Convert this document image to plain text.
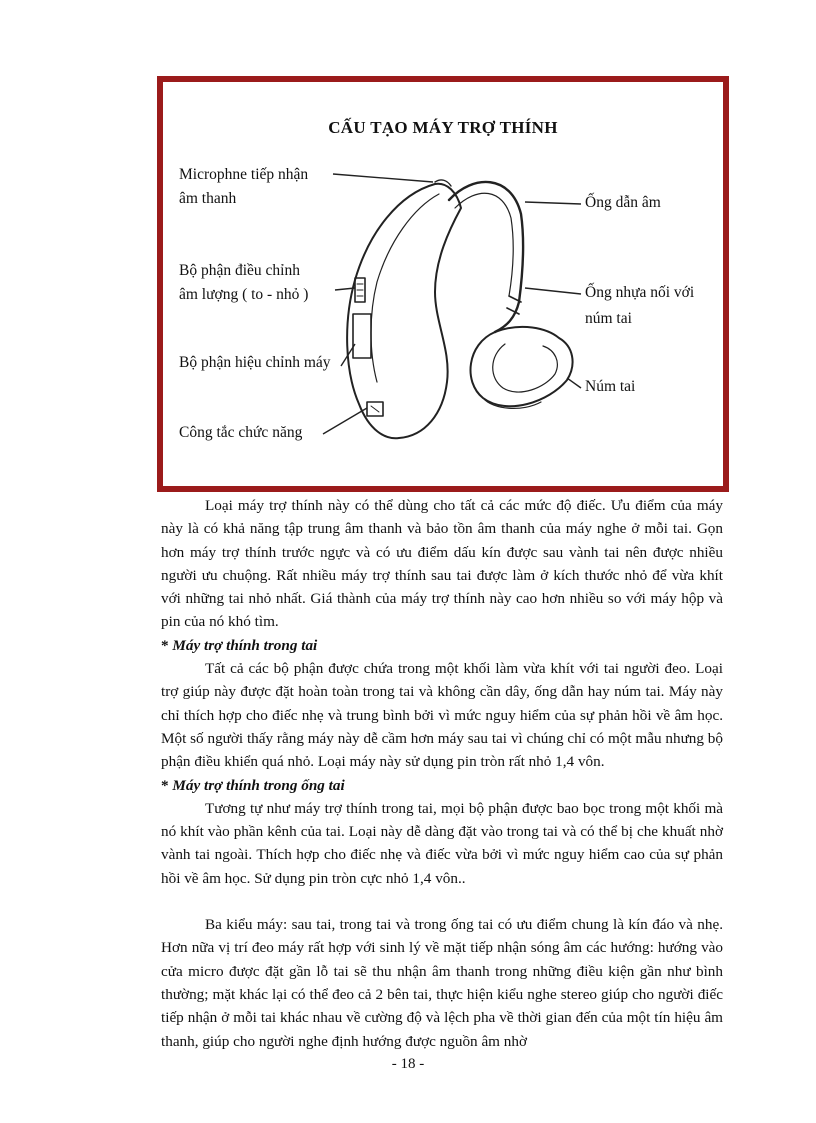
CẤU TẠO MÁY TRỢ THÍNH
Microphne tiếp nhận
âm thanh
Bộ phận điều chỉnh
âm lượng ( to - nhỏ )
Bộ phận hiệu chỉnh máy
Công tắc chức năng
Ống dẫn âm
Ống nhựa nối với
núm tai
Núm tai

Loại máy trợ thính này có thể dùng cho tất cả các mức độ điếc. Ưu điểm của máy này là có khả năng tập trung âm thanh và bảo tồn âm thanh của máy nghe ở mỗi tai. Gọn hơn máy trợ thính trước ngực và có ưu điểm dấu kín được sau vành tai nên được nhiều người ưu chuộng. Rất nhiều máy trợ thính sau tai được làm ở kích thước nhỏ để vừa khít với những tai nhỏ nhất. Giá thành của máy trợ thính này cao hơn nhiều so với máy hộp và pin của nó khó tìm.

* Máy trợ thính trong tai

Tất cả các bộ phận được chứa trong một khối làm vừa khít với tai người đeo. Loại trợ giúp này được đặt hoàn toàn trong tai và không cần dây, ống dẫn hay núm tai. Máy này chỉ thích hợp cho điếc nhẹ và trung bình bởi vì mức nguy hiểm của sự phản hồi về âm học. Một số người thấy rằng máy này dễ cầm hơn máy sau tai vì chúng chỉ có một mẫu nhưng bộ phận điều khiển quá nhỏ. Loại máy này sử dụng pin tròn rất nhỏ 1,4 vôn.

* Máy trợ thính trong ống tai

Tương tự như máy trợ thính trong tai, mọi bộ phận được bao bọc trong một khối mà nó khít vào phần kênh của tai. Loại này dễ dàng đặt vào trong tai và có thể bị che khuất nhờ vành tai ngoài. Thích hợp cho điếc nhẹ và điếc vừa bởi vì mức nguy hiểm cao của sự phản hồi về âm học. Sử dụng pin tròn cực nhỏ 1,4 vôn..

Ba kiểu máy: sau tai, trong tai và trong ống tai có ưu điểm chung là kín đáo và nhẹ. Hơn nữa vị trí đeo máy rất hợp với sinh lý về mặt tiếp nhận sóng âm các hướng: hướng vào cửa micro được đặt gần lỗ tai sẽ thu nhận âm thanh trong những điều kiện gần như bình thường; mặt khác lại có thể đeo cả 2 bên tai, thực hiện kiểu nghe stereo giúp cho người điếc tiếp nhận ở mỗi tai khác nhau về cường độ và lệch pha về thời gian đến của một tín hiệu âm thanh, giúp cho người nghe định hướng được nguồn âm nhờ

- 18 -
